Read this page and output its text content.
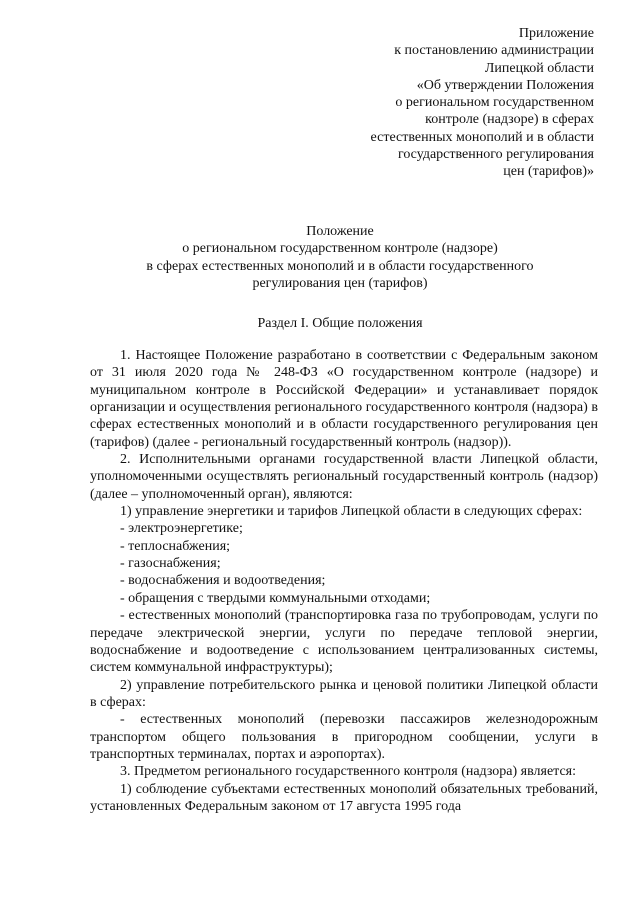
Приложение
к постановлению администрации
Липецкой области
«Об утверждении Положения
о региональном государственном
контроле (надзоре) в сферах
естественных монополий и в области
государственного регулирования
цен (тарифов)»
Положение
о региональном государственном контроле (надзоре)
в сферах естественных монополий и в области государственного
регулирования цен (тарифов)
Раздел I. Общие положения

1. Настоящее Положение разработано в соответствии с Федеральным законом от 31 июля 2020 года № 248-ФЗ «О государственном контроле (надзоре) и муниципальном контроле в Российской Федерации» и устанавливает порядок организации и осуществления регионального государственного контроля (надзора) в сферах естественных монополий и в области государственного регулирования цен (тарифов) (далее - региональный государственный контроль (надзор)).

2. Исполнительными органами государственной власти Липецкой области, уполномоченными осуществлять региональный государственный контроль (надзор) (далее – уполномоченный орган), являются:

1) управление энергетики и тарифов Липецкой области в следующих сферах:

- электроэнергетике;

- теплоснабжения;

- газоснабжения;

- водоснабжения и водоотведения;

- обращения с твердыми коммунальными отходами;

- естественных монополий (транспортировка газа по трубопроводам, услуги по передаче электрической энергии, услуги по передаче тепловой энергии, водоснабжение и водоотведение с использованием централизованных системы, систем коммунальной инфраструктуры);

2) управление потребительского рынка и ценовой политики Липецкой области в сферах:

- естественных монополий (перевозки пассажиров железнодорожным транспортом общего пользования в пригородном сообщении, услуги в транспортных терминалах, портах и аэропортах).

3. Предметом регионального государственного контроля (надзора) является:

1) соблюдение субъектами естественных монополий обязательных требований, установленных Федеральным законом от 17 августа 1995 года
